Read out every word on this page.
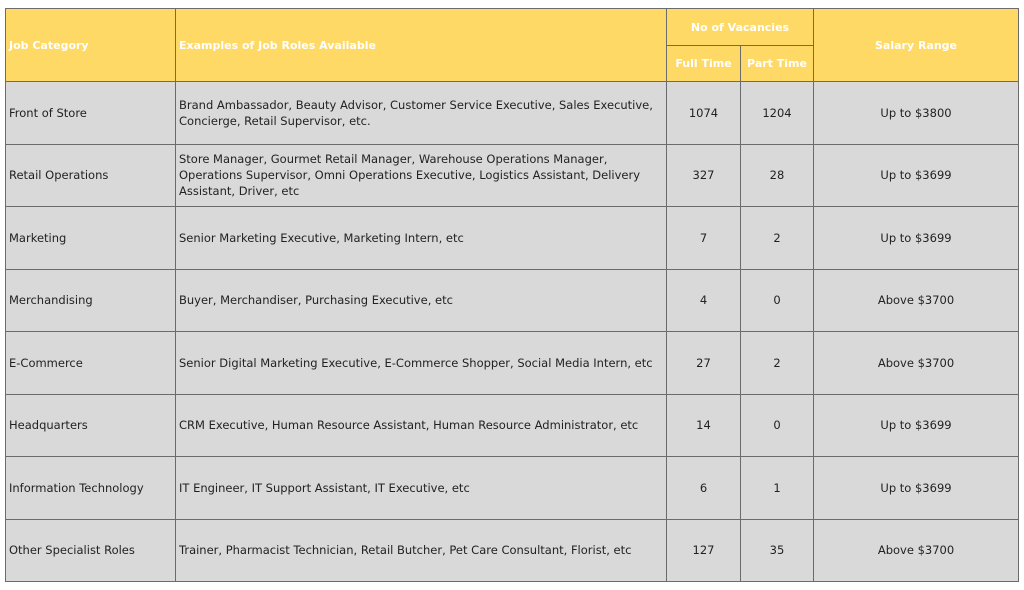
Job Category	Examples of Job Roles Available	No of Vacancies		Salary Range
		Full Time	Part Time	
Front of Store	Brand Ambassador, Beauty Advisor, Customer Service Executive, Sales Executive, Concierge, Retail Supervisor, etc.	1074	1204	Up to $3800
Retail Operations	Store Manager, Gourmet Retail Manager, Warehouse Operations Manager, Operations Supervisor, Omni Operations Executive, Logistics Assistant, Delivery Assistant, Driver, etc	327	28	Up to $3699
Marketing	Senior Marketing Executive, Marketing Intern, etc	7	2	Up to $3699
Merchandising	Buyer, Merchandiser, Purchasing Executive, etc	4	0	Above $3700
E-Commerce	Senior Digital Marketing Executive, E-Commerce Shopper, Social Media Intern, etc	27	2	Above $3700
Headquarters	CRM Executive, Human Resource Assistant, Human Resource Administrator, etc	14	0	Up to $3699
Information Technology	IT Engineer, IT Support Assistant, IT Executive, etc	6	1	Up to $3699
Other Specialist Roles	Trainer, Pharmacist Technician, Retail Butcher, Pet Care Consultant, Florist, etc	127	35	Above $3700
